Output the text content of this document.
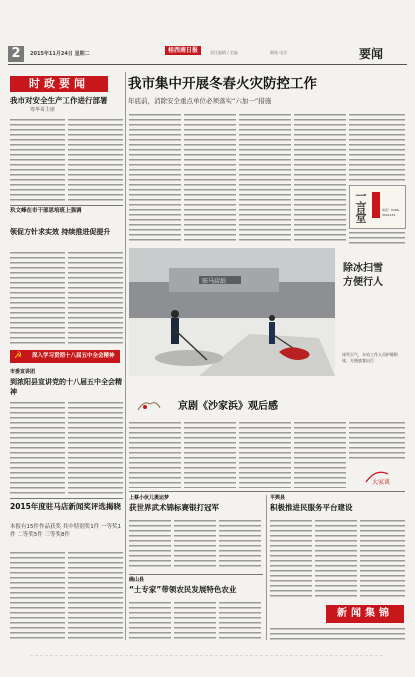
2	2015年11月24日 星期二	桂西南日报	责任编辑 / 美编	邮箱 电话	要闻
时政要闻
我市对安全生产工作进行部署
筹华哥主席
玖文峰在市干部思培班上强调
领促方针求实效 持续推进促提升
☭ 深入学习贯彻十八届五中全会精神
市委宣讲团
到浓阳县宣讲党的十八届五中全会精神
2015年度驻马店新闻奖评选揭晓
本报有15件作品获奖 其中特别奖1件 一等奖1件 二等奖5件 三等奖8件
我市集中开展冬春火灾防控工作
年底前，消除安全重点单位必须落实“六加一”措施
一言堂	电话：0396-0001234
驻马店站
除冰扫雪
方便行人
冰雪天气，车站工作人员铲除积冰，方便旅客出行
京剧《沙家浜》观后感
大家谈
上蔡小伙儿奥运梦
获世界武术锦标赛银打冠军
平舆县
积极推进民服务平台建设
确山县
“土专家”带领农民发展特色农业
新闻集锦
